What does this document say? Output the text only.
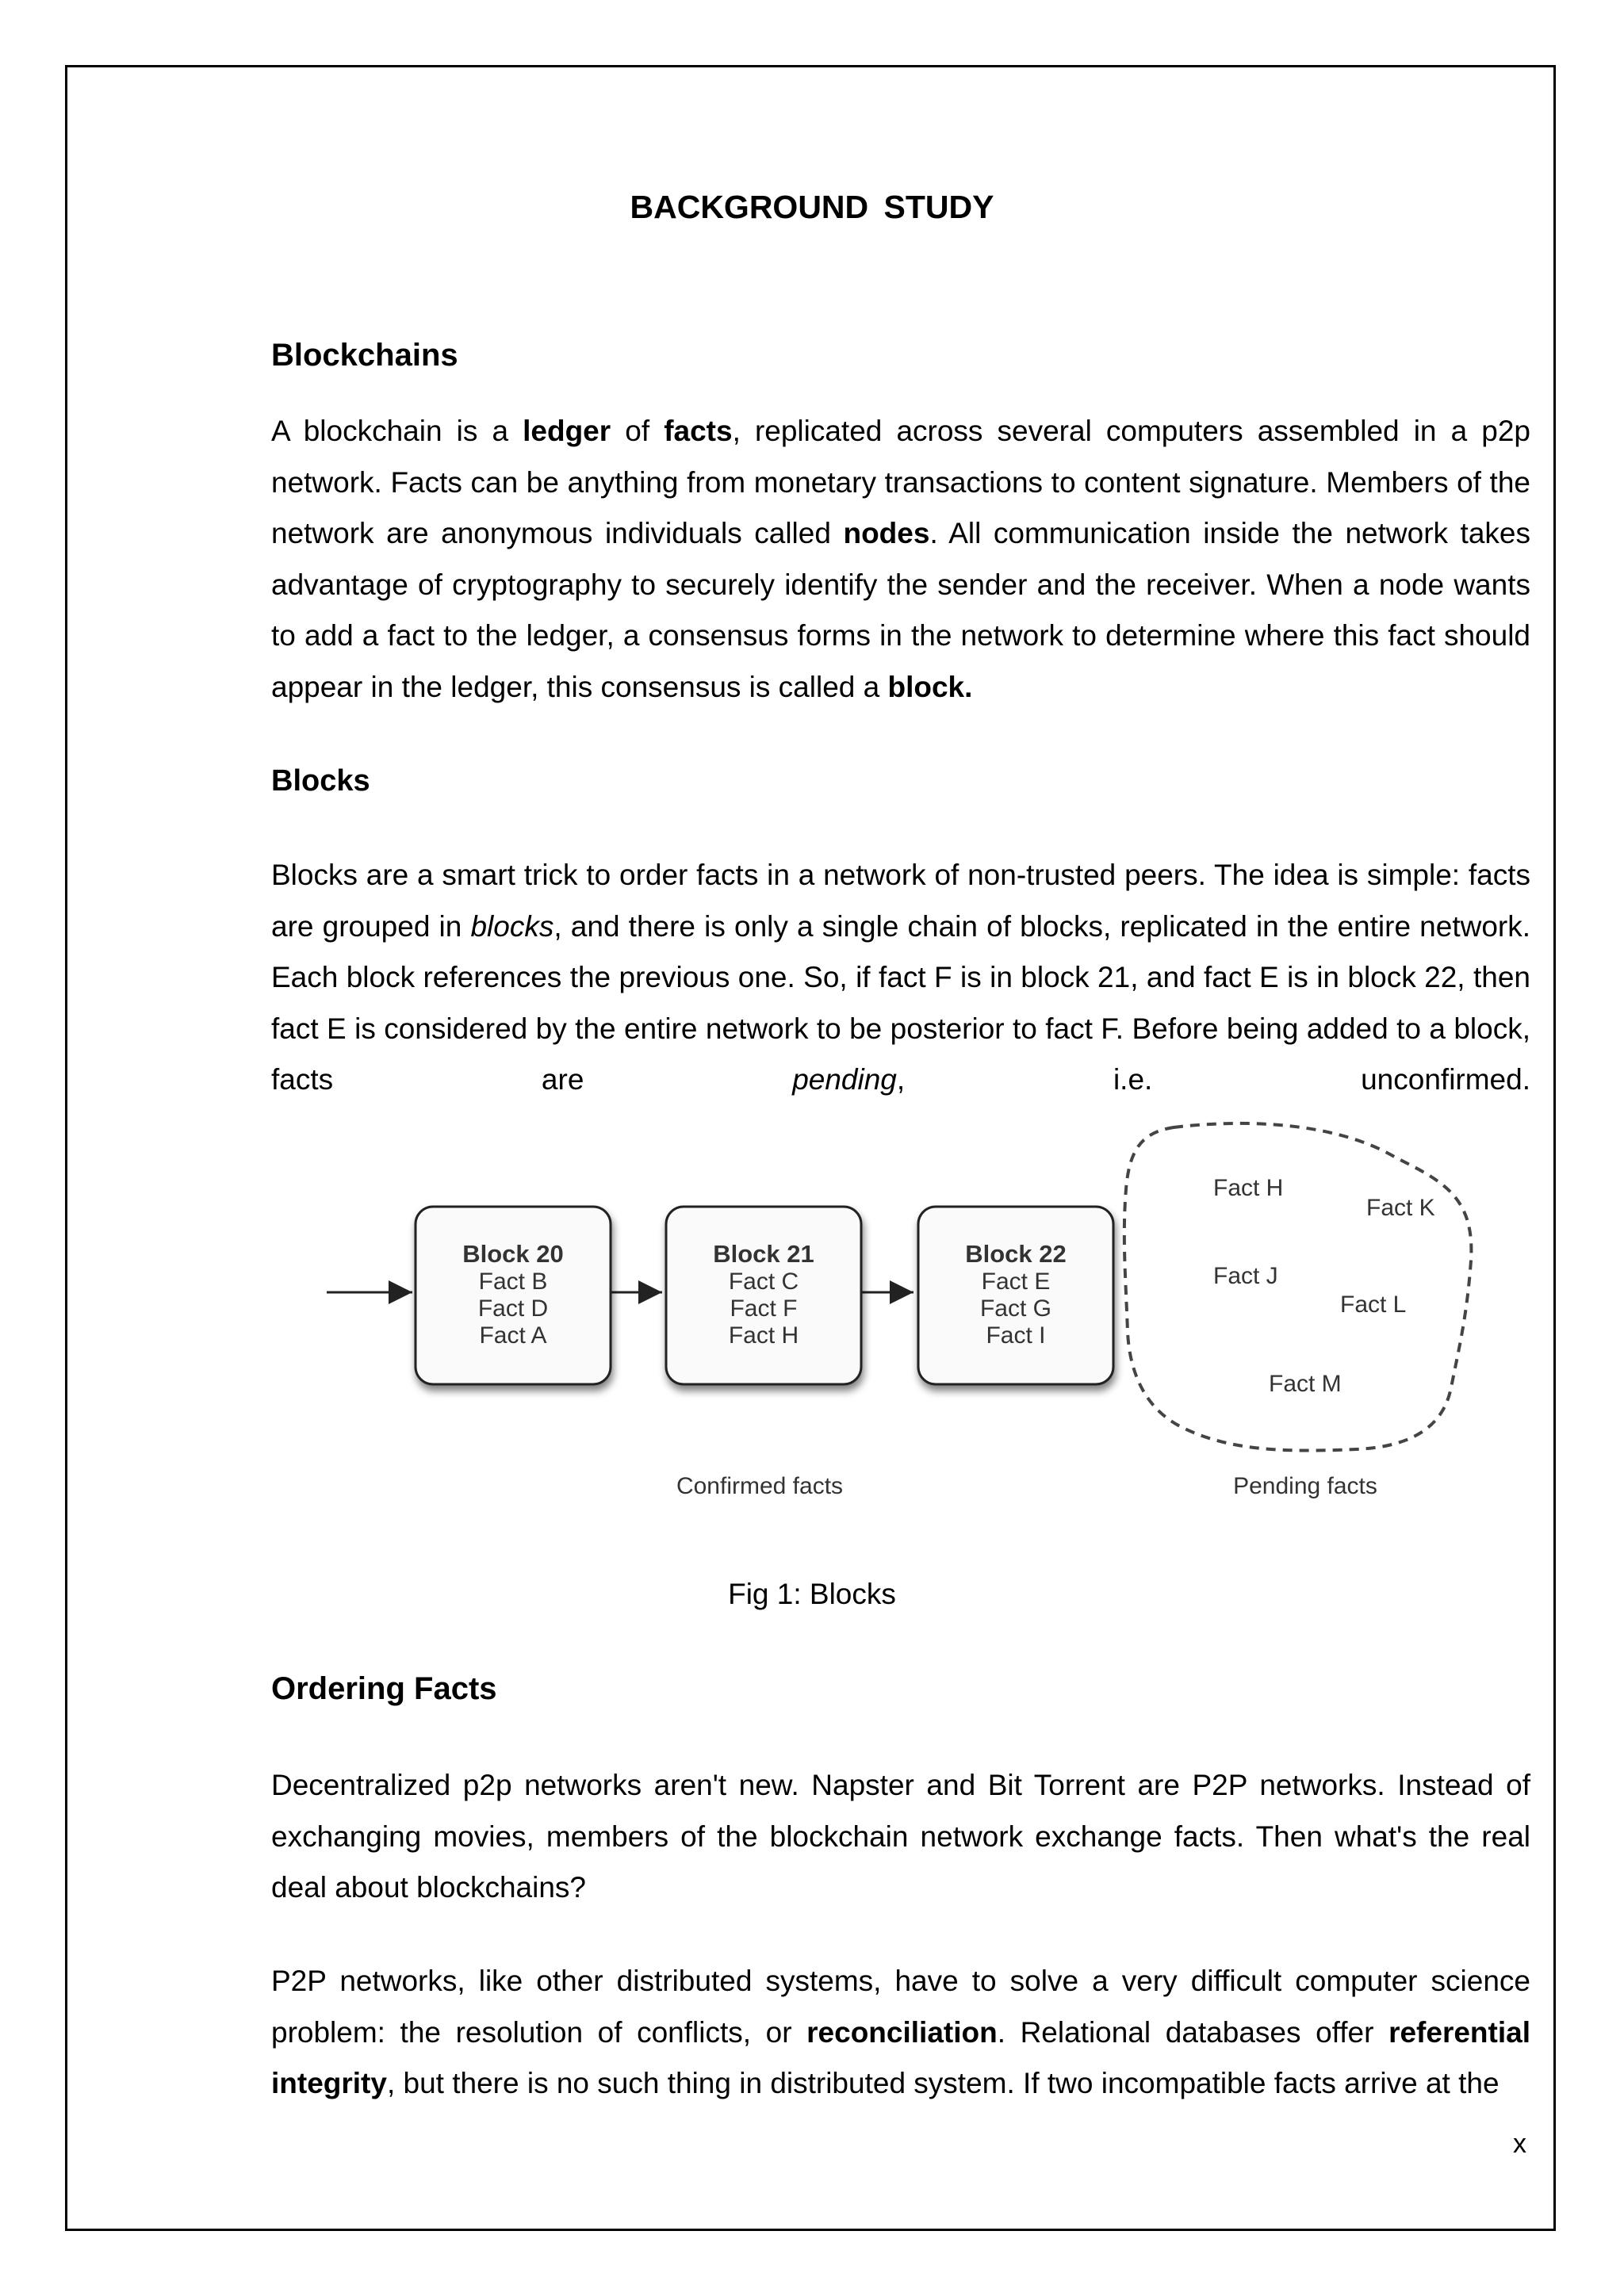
BACKGROUND STUDY
Blockchains
A blockchain is a ledger of facts, replicated across several computers assembled in a p2p network. Facts can be anything from monetary transactions to content signature. Members of the network are anonymous individuals called nodes. All communication inside the network takes advantage of cryptography to securely identify the sender and the receiver. When a node wants to add a fact to the ledger, a consensus forms in the network to determine where this fact should appear in the ledger, this consensus is called a block.
Blocks
Blocks are a smart trick to order facts in a network of non-trusted peers. The idea is simple: facts are grouped in blocks, and there is only a single chain of blocks, replicated in the entire network. Each block references the previous one. So, if fact F is in block 21, and fact E is in block 22, then fact E is considered by the entire network to be posterior to fact F. Before being added to a block, facts are pending, i.e. unconfirmed.
Block 20
Fact B
Fact D
Fact A
Block 21
Fact C
Fact F
Fact H
Block 22
Fact E
Fact G
Fact I
Fact H
Fact K
Fact J
Fact L
Fact M
Confirmed facts	Pending facts
Fig 1: Blocks
Ordering Facts
Decentralized p2p networks aren't new. Napster and Bit Torrent are P2P networks. Instead of exchanging movies, members of the blockchain network exchange facts. Then what's the real deal about blockchains?
P2P networks, like other distributed systems, have to solve a very difficult computer science problem: the resolution of conflicts, or reconciliation. Relational databases offer referential integrity, but there is no such thing in distributed system. If two incompatible facts arrive at the
x
